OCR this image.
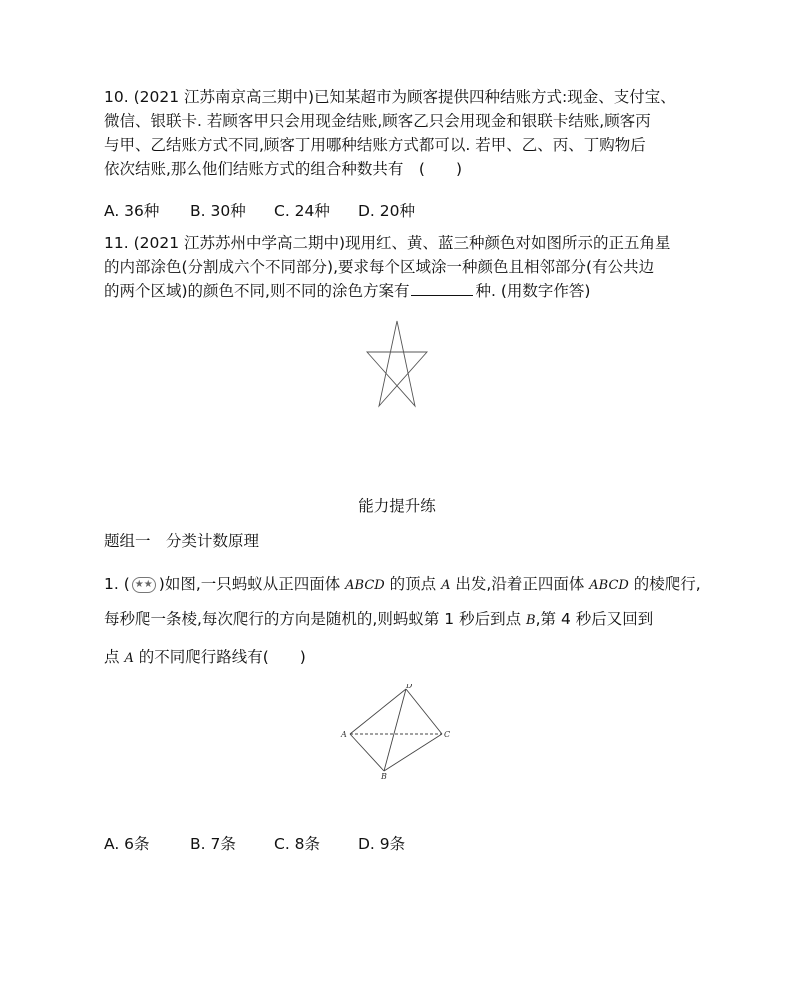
10. (2021 江苏南京高三期中)已知某超市为顾客提供四种结账方式:现金、支付宝、
微信、银联卡. 若顾客甲只会用现金结账,顾客乙只会用现金和银联卡结账,顾客丙
与甲、乙结账方式不同,顾客丁用哪种结账方式都可以. 若甲、乙、丙、丁购物后
依次结账,那么他们结账方式的组合种数共有　(　　)
A. 36种 B. 30种 C. 24种 D. 20种
11. (2021 江苏苏州中学高二期中)现用红、黄、蓝三种颜色对如图所示的正五角星
的内部涂色(分割成六个不同部分),要求每个区域涂一种颜色且相邻部分(有公共边
的两个区域)的颜色不同,则不同的涂色方案有	种. (用数字作答)
能力提升练
题组一　分类计数原理
1. ( ★★ )如图,一只蚂蚁从正四面体 ABCD 的顶点 A 出发,沿着正四面体 ABCD 的棱爬行,
每秒爬一条棱,每次爬行的方向是随机的,则蚂蚁第 1 秒后到点 B,第 4 秒后又回到
点 A 的不同爬行路线有(　　)
A
B
C
D
A. 6条	B. 7条 C. 8条 D. 9条
